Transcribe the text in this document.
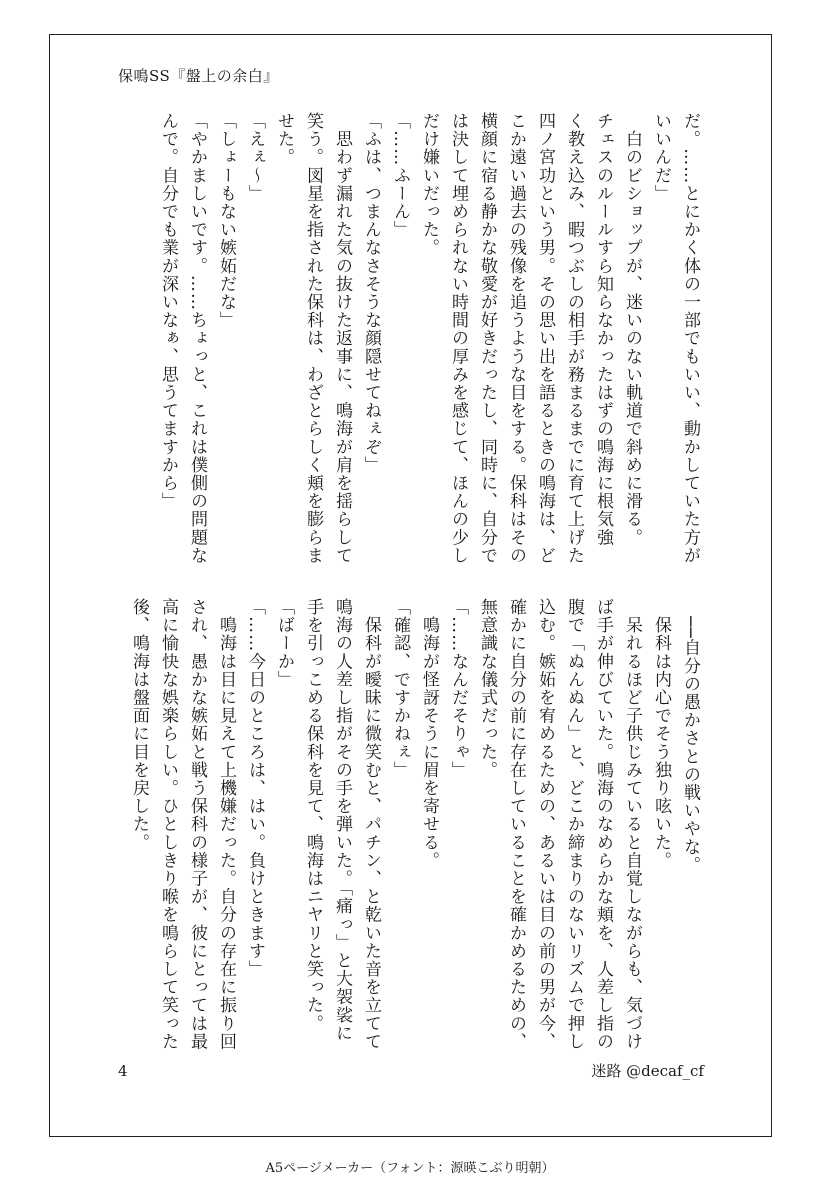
保鳴SS『盤上の余白』
だ。……とにかく体の一部でもいい、動かしていた方が
いいんだ」
　白のビショップが、迷いのない軌道で斜めに滑る。
チェスのルールすら知らなかったはずの鳴海に根気強
く教え込み、暇つぶしの相手が務まるまでに育て上げた
四ノ宮功という男。その思い出を語るときの鳴海は、ど
こか遠い過去の残像を追うような目をする。保科はその
横顔に宿る静かな敬愛が好きだったし、同時に、自分で
は決して埋められない時間の厚みを感じて、ほんの少し
だけ嫌いだった。
「……ふーん」
「ふは、つまんなさそうな顔隠せてねぇぞ」
　思わず漏れた気の抜けた返事に、鳴海が肩を揺らして
笑う。図星を指された保科は、わざとらしく頬を膨らま
せた。
「えぇ〜」
「しょーもない嫉妬だな」
「やかましいです。……ちょっと、これは僕側の問題な
んで。自分でも業が深いなぁ、思うてますから」
　──自分の愚かさとの戦いやな。
　保科は内心でそう独り呟いた。
　呆れるほど子供じみていると自覚しながらも、気づけ
ば手が伸びていた。鳴海のなめらかな頬を、人差し指の
腹で「ぬんぬん」と、どこか締まりのないリズムで押し
込む。嫉妬を宥めるための、あるいは目の前の男が今、
確かに自分の前に存在していることを確かめるための、
無意識な儀式だった。
「……なんだそりゃ」
　鳴海が怪訝そうに眉を寄せる。
「確認、ですかねぇ」
　保科が曖昧に微笑むと、パチン、と乾いた音を立てて
鳴海の人差し指がその手を弾いた。「痛っ」と大袈裟に
手を引っこめる保科を見て、鳴海はニヤリと笑った。
「ばーか」
「……今日のところは、はい。負けときます」
　鳴海は目に見えて上機嫌だった。自分の存在に振り回
され、愚かな嫉妬と戦う保科の様子が、彼にとっては最
高に愉快な娯楽らしい。ひとしきり喉を鳴らして笑った
後、鳴海は盤面に目を戻した。
4	迷路 @decaf_cf
A5ページメーカー（フォント：源暎こぶり明朝）
